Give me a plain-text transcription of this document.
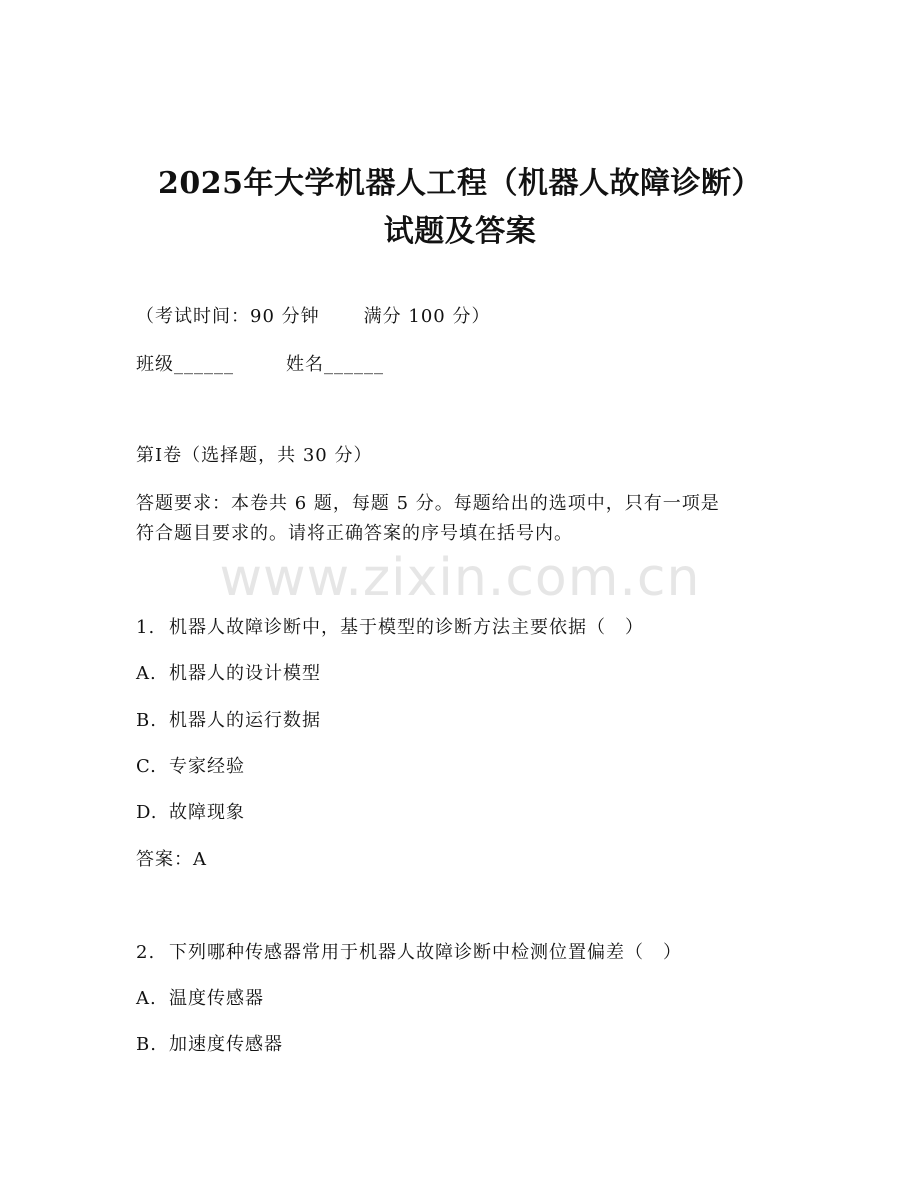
2025年大学机器人工程（机器人故障诊断）
试题及答案
（考试时间：90 分钟 满分 100 分）
班级______	姓名______
第Ⅰ卷（选择题，共 30 分）
答题要求：本卷共 6 题，每题 5 分。每题给出的选项中，只有一项是
符合题目要求的。请将正确答案的序号填在括号内。
www.zixin.com.cn
1. 机器人故障诊断中，基于模型的诊断方法主要依据（　）
A. 机器人的设计模型
B. 机器人的运行数据
C. 专家经验
D. 故障现象
答案：A
2. 下列哪种传感器常用于机器人故障诊断中检测位置偏差（　）
A. 温度传感器
B. 加速度传感器
